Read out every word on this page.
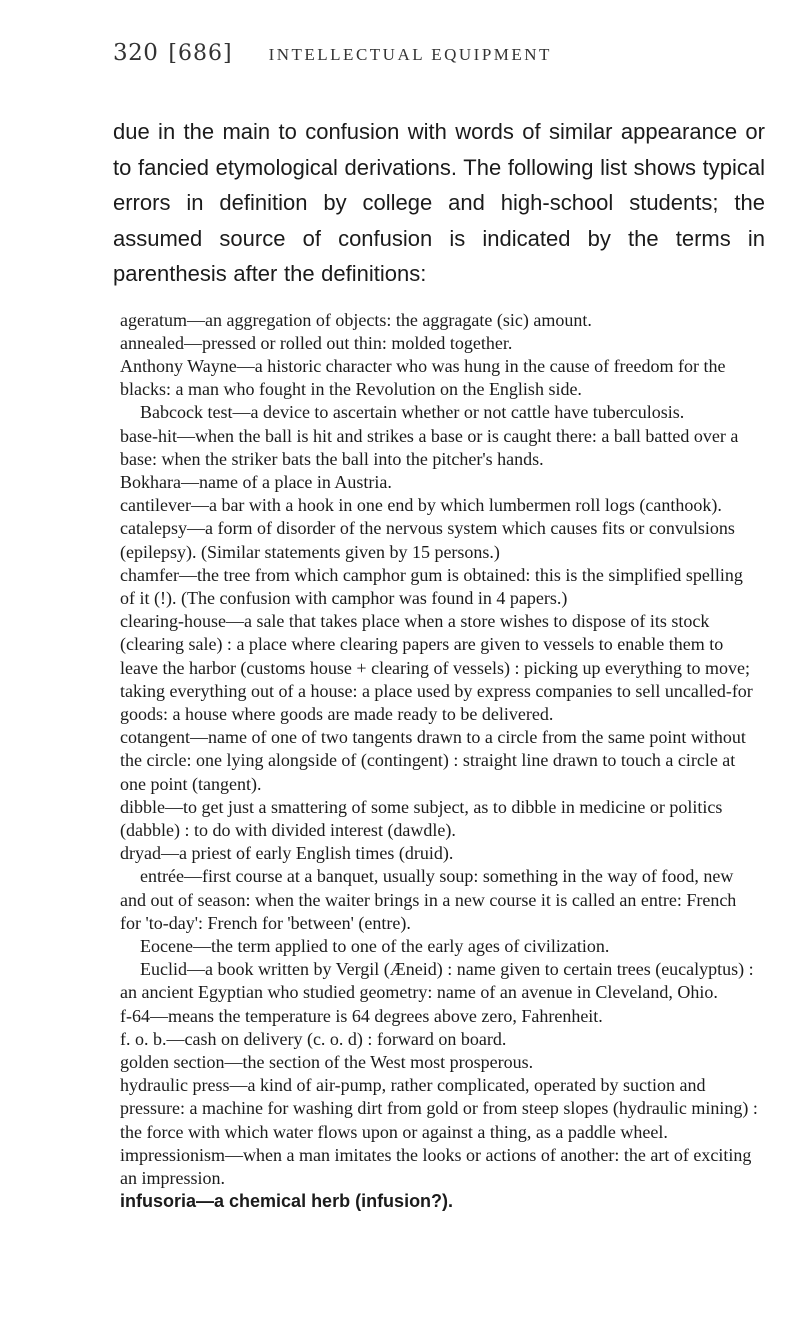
320 [686] INTELLECTUAL EQUIPMENT

due in the main to confusion with words of similar appearance or to fancied etymological derivations. The following list shows typical errors in definition by college and high-school students; the assumed source of confusion is indicated by the terms in parenthesis after the definitions:

ageratum—an aggregation of objects: the aggragate (sic) amount.

annealed—pressed or rolled out thin: molded together.

Anthony Wayne—a historic character who was hung in the cause of freedom for the blacks: a man who fought in the Revolution on the English side.

Babcock test—a device to ascertain whether or not cattle have tuberculosis.

base-hit—when the ball is hit and strikes a base or is caught there: a ball batted over a base: when the striker bats the ball into the pitcher's hands.

Bokhara—name of a place in Austria.

cantilever—a bar with a hook in one end by which lumbermen roll logs (canthook).

catalepsy—a form of disorder of the nervous system which causes fits or convulsions (epilepsy). (Similar statements given by 15 persons.)

chamfer—the tree from which camphor gum is obtained: this is the simplified spelling of it (!). (The confusion with camphor was found in 4 papers.)

clearing-house—a sale that takes place when a store wishes to dispose of its stock (clearing sale) : a place where clearing papers are given to vessels to enable them to leave the harbor (customs house + clearing of vessels) : picking up everything to move; taking everything out of a house: a place used by express companies to sell uncalled-for goods: a house where goods are made ready to be delivered.

cotangent—name of one of two tangents drawn to a circle from the same point without the circle: one lying alongside of (contingent) : straight line drawn to touch a circle at one point (tangent).

dibble—to get just a smattering of some subject, as to dibble in medicine or politics (dabble) : to do with divided interest (dawdle).

dryad—a priest of early English times (druid).

entrée—first course at a banquet, usually soup: something in the way of food, new and out of season: when the waiter brings in a new course it is called an entre: French for 'to-day': French for 'between' (entre).

Eocene—the term applied to one of the early ages of civilization.

Euclid—a book written by Vergil (Æneid) : name given to certain trees (eucalyptus) : an ancient Egyptian who studied geometry: name of an avenue in Cleveland, Ohio.

f-64—means the temperature is 64 degrees above zero, Fahrenheit.

f. o. b.—cash on delivery (c. o. d) : forward on board.

golden section—the section of the West most prosperous.

hydraulic press—a kind of air-pump, rather complicated, operated by suction and pressure: a machine for washing dirt from gold or from steep slopes (hydraulic mining) : the force with which water flows upon or against a thing, as a paddle wheel.

impressionism—when a man imitates the looks or actions of another: the art of exciting an impression.

infusoria—a chemical herb (infusion?).
